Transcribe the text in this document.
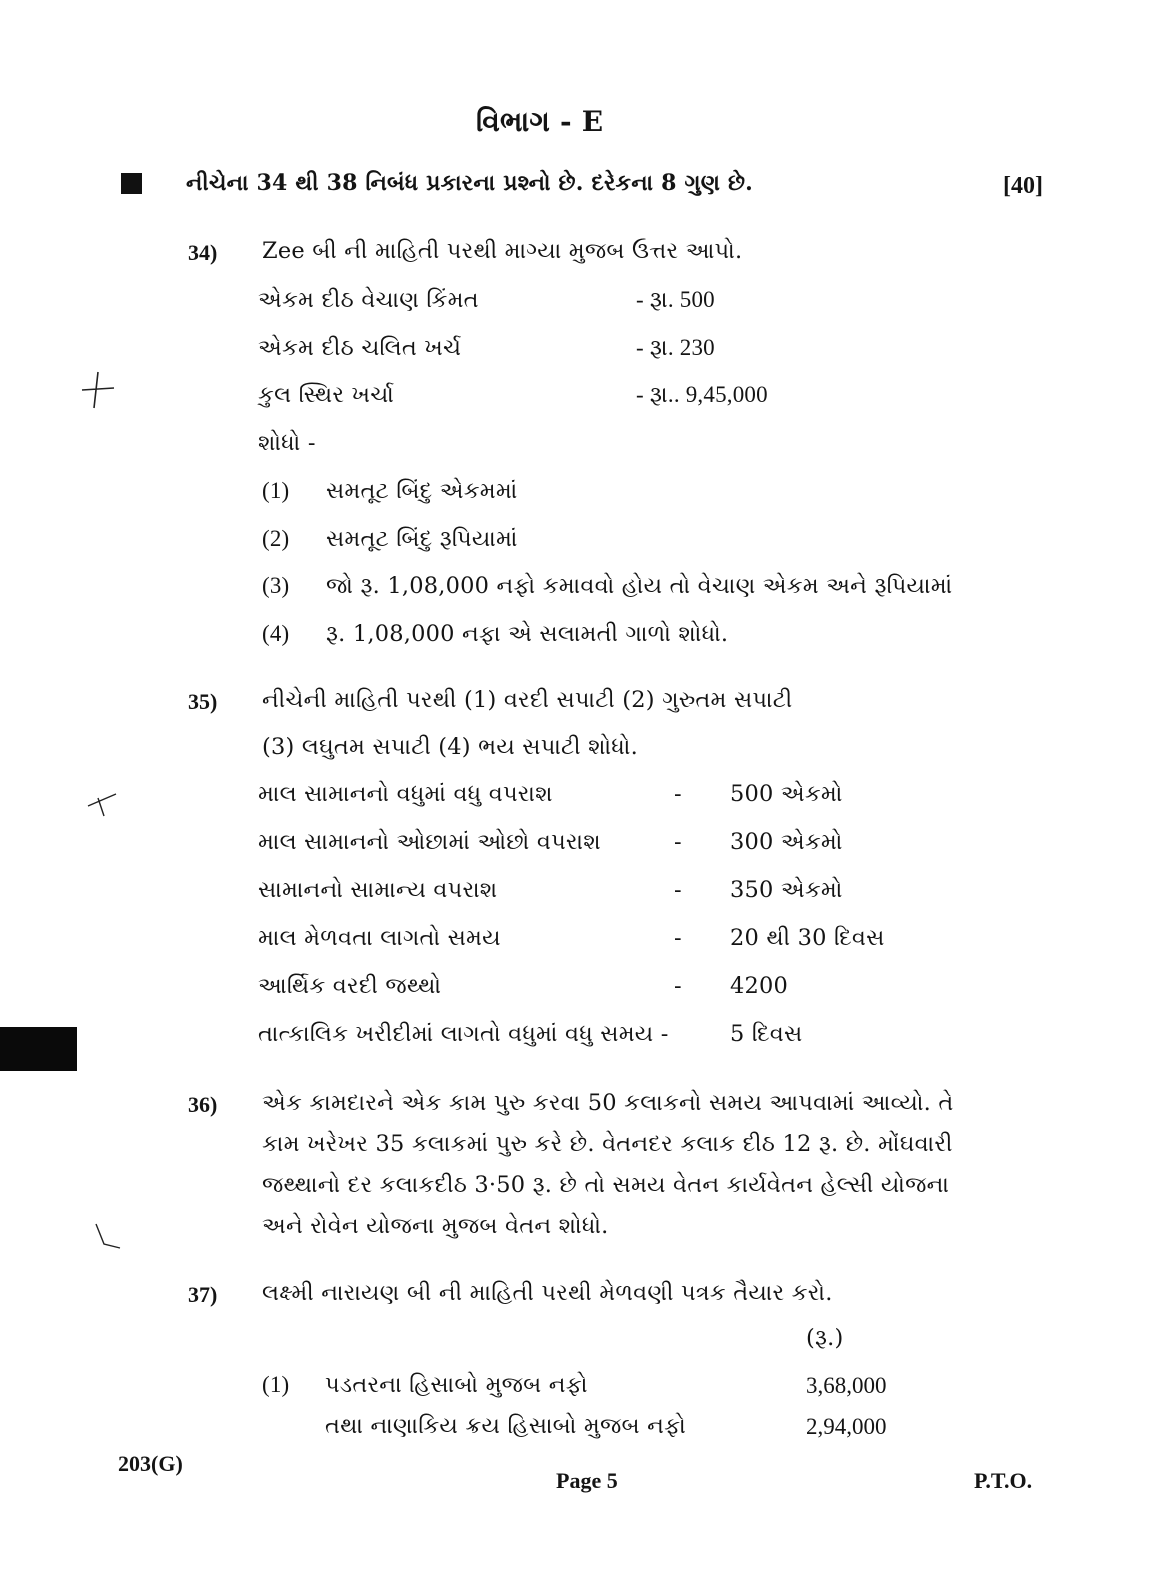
વિભાગ - E
નીચેના 34 થી 38 નિબંધ પ્રકારના પ્રશ્નો છે. દરેકના 8 ગુણ છે.	[40]
34) Zee બી ની માહિતી પરથી માગ્યા મુજબ ઉત્તર આપો.
એકમ દીઠ વેચાણ કિંમત	- રૂા. 500
એકમ દીઠ ચલિત ખર્ચ	- રૂા. 230
કુલ સ્થિર ખર્ચા	- રૂા.. 9,45,000
શોધો -
(1) સમતૂટ બિંદુ એકમમાં
(2) સમતૂટ બિંદુ રૂપિયામાં
(3) જો રૂ. 1,08,000 નફો કમાવવો હોય તો વેચાણ એકમ અને રૂપિયામાં
(4) રૂ. 1,08,000 નફા એ સલામતી ગાળો શોધો.
35) નીચેની માહિતી પરથી (1) વરદી સપાટી (2) ગુરુતમ સપાટી
(3) લઘુતમ સપાટી (4) ભય સપાટી શોધો.
માલ સામાનનો વધુમાં વધુ વપરાશ	- 500 એકમો
માલ સામાનનો ઓછામાં ઓછો વપરાશ	- 300 એકમો
સામાનનો સામાન્ય વપરાશ	- 350 એકમો
માલ મેળવતા લાગતો સમય	- 20 થી 30 દિવસ
આર્થિક વરદી જથ્થો	- 4200
તાત્કાલિક ખરીદીમાં લાગતો વધુમાં વધુ સમય -	5 દિવસ
36) એક કામદારને એક કામ પુરુ કરવા 50 કલાકનો સમય આપવામાં આવ્યો. તે
કામ ખરેખર 35 કલાકમાં પુરુ કરે છે. વેતનદર કલાક દીઠ 12 રૂ. છે. મોંઘવારી
જથ્થાનો દર કલાકદીઠ 3·50 રૂ. છે તો સમય વેતન કાર્યવેતન હેલ્સી યોજના
અને રોવેન યોજના મુજબ વેતન શોધો.
37) લક્ષ્મી નારાયણ બી ની માહિતી પરથી મેળવણી પત્રક તૈયાર કરો.
(રૂ.)
(1) પડતરના હિસાબો મુજબ નફો	3,68,000
તથા નાણાકિય ક્રય હિસાબો મુજબ નફો	2,94,000
203(G)
Page 5	P.T.O.
